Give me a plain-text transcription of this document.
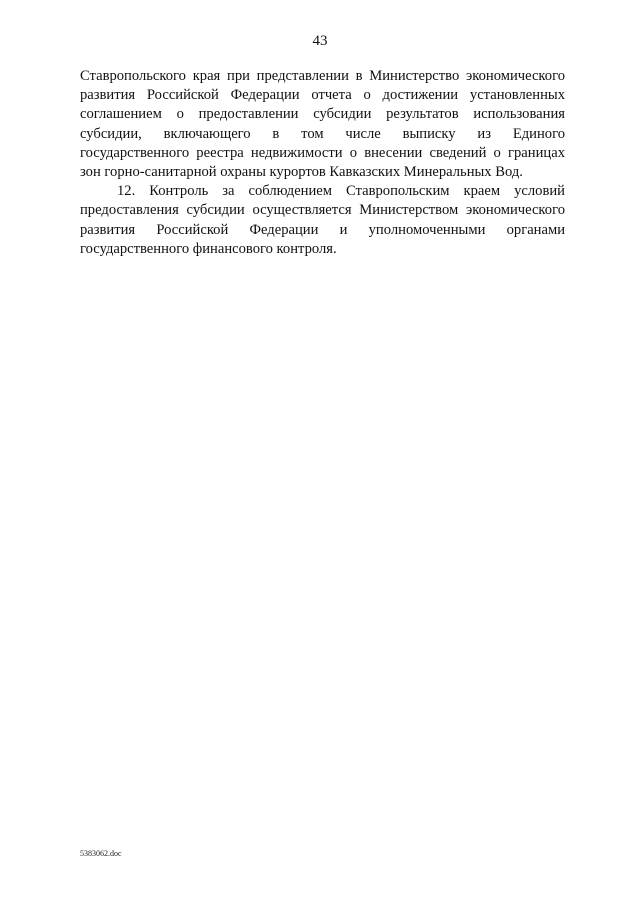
43
Ставропольского края при представлении в Министерство экономического
развития Российской Федерации отчета о достижении установленных
соглашением о предоставлении субсидии результатов использования
субсидии, включающего в том числе выписку из Единого
государственного реестра недвижимости о внесении сведений о границах
зон горно-санитарной охраны курортов Кавказских Минеральных Вод.
12. Контроль за соблюдением Ставропольским краем условий
предоставления субсидии осуществляется Министерством экономического
развития Российской Федерации и уполномоченными органами
государственного финансового контроля.
5383062.doc
